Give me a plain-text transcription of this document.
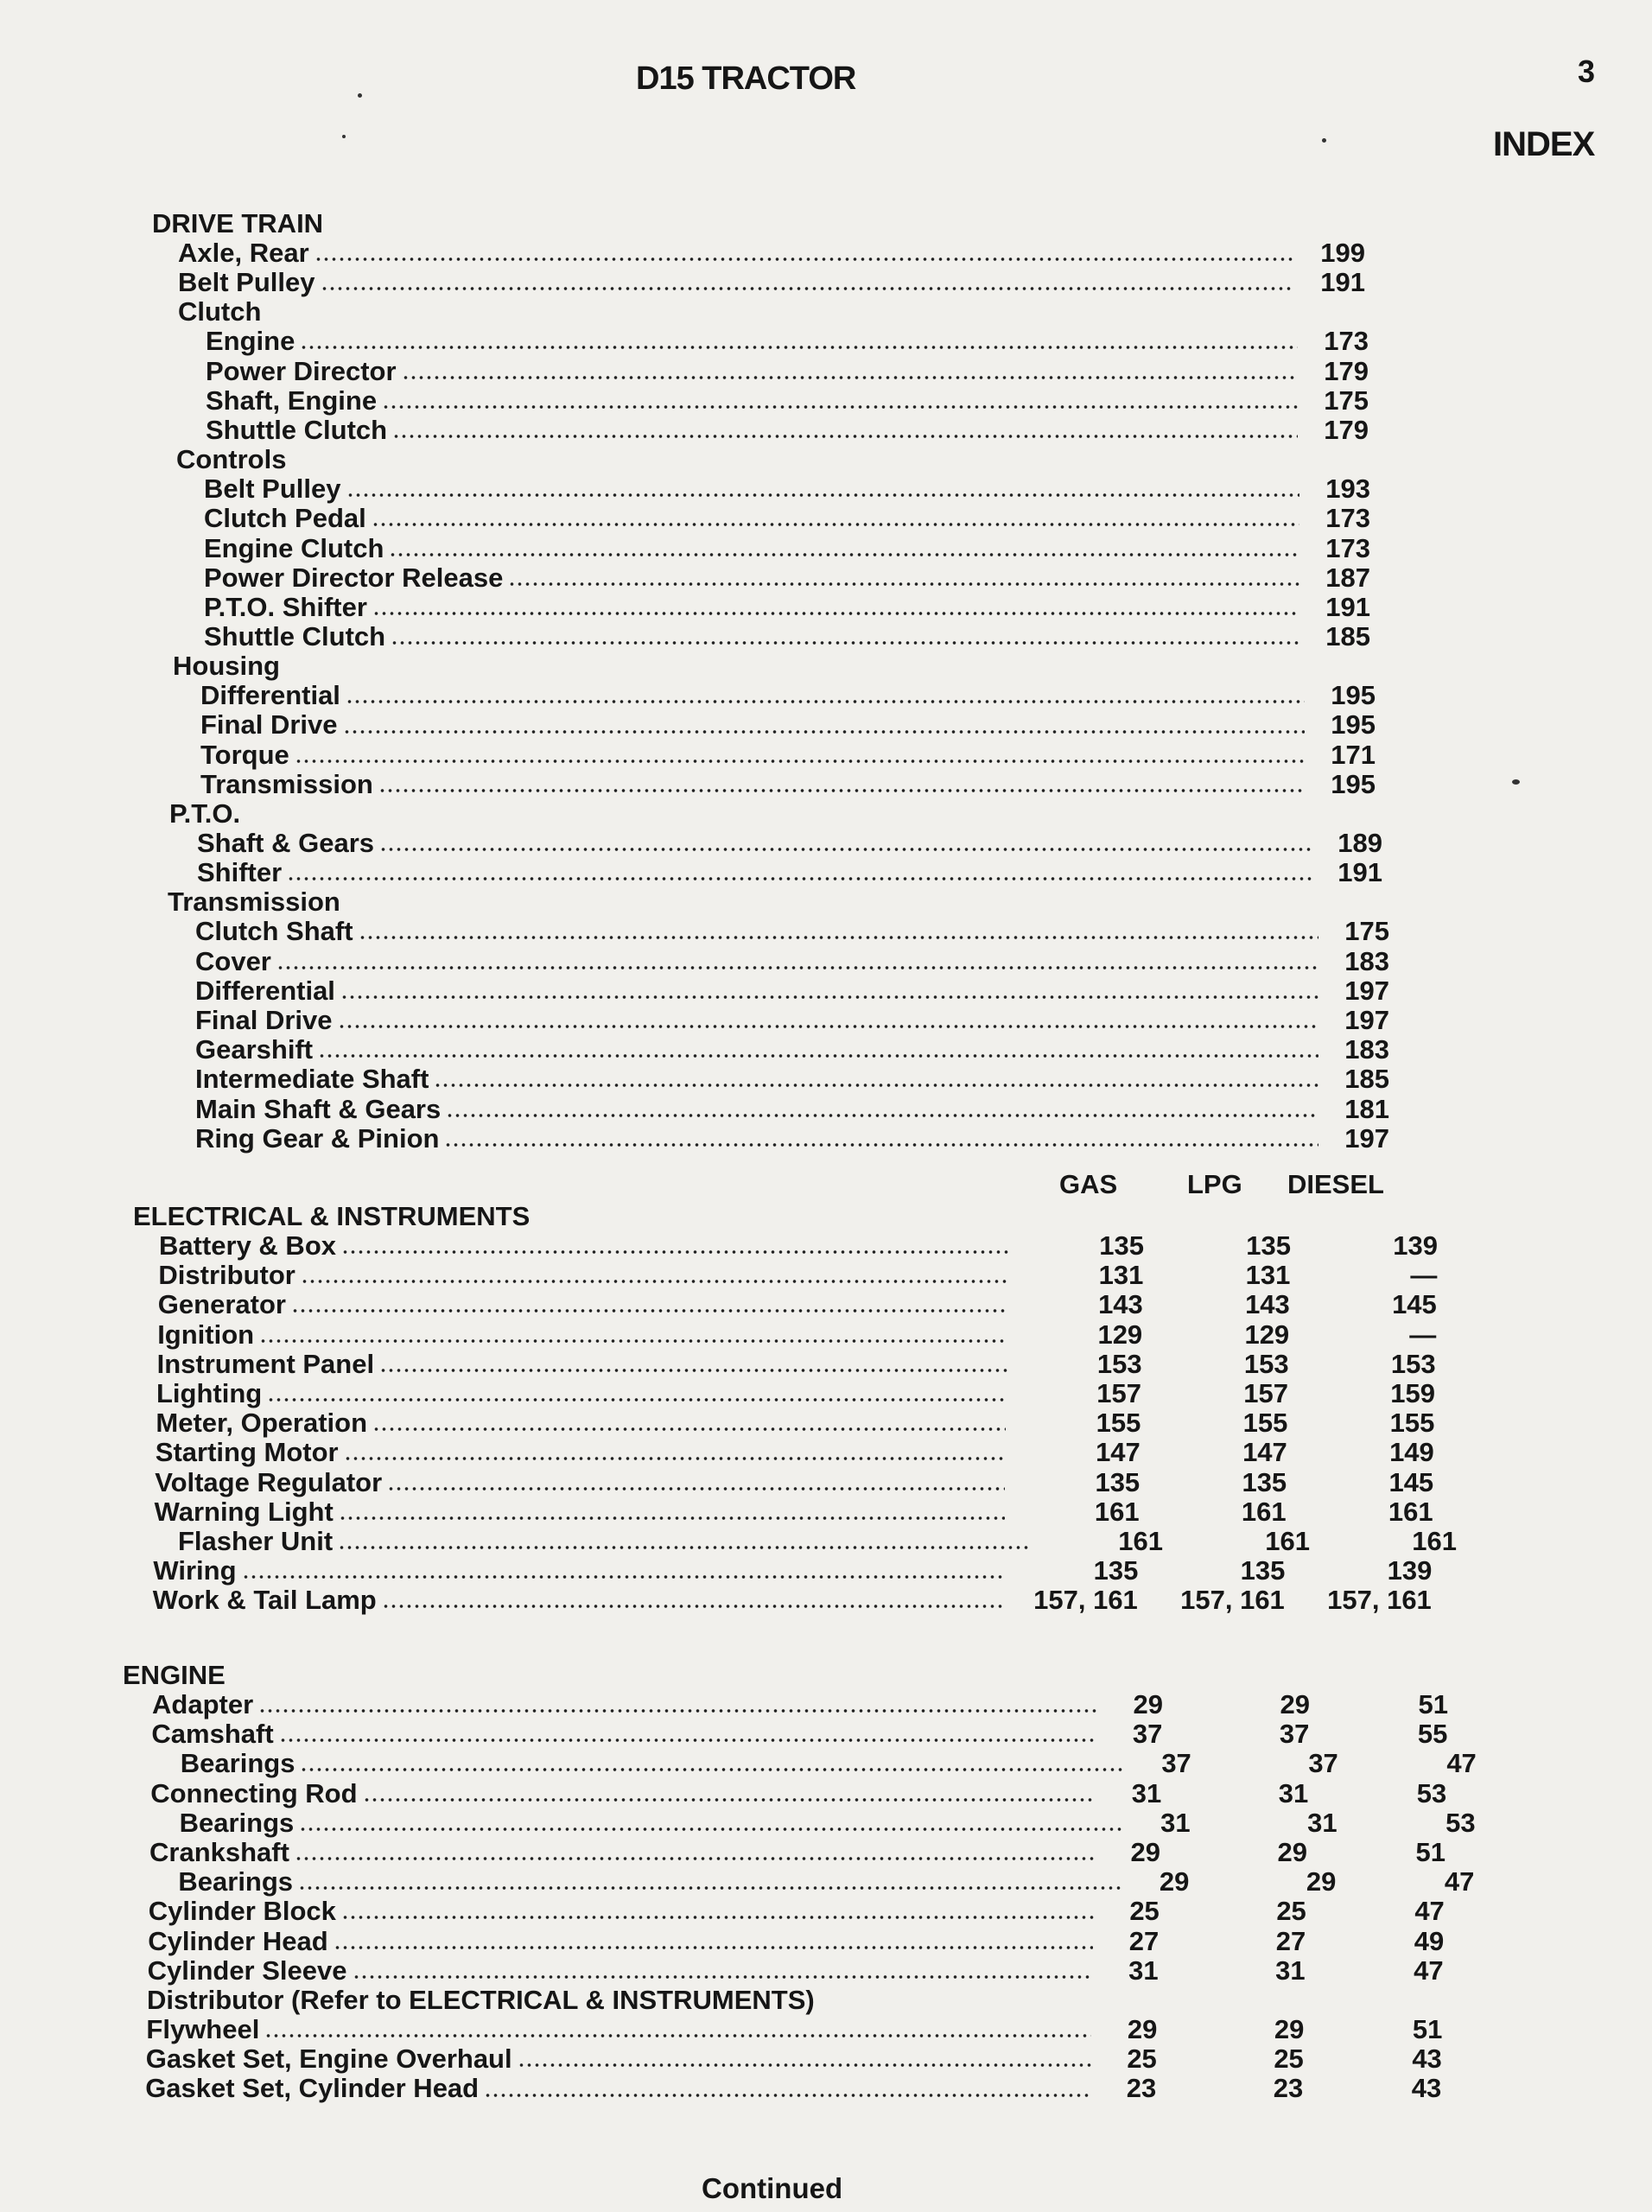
D15 TRACTOR	3
INDEX
DRIVE TRAIN
Axle, Rear	199
Belt Pulley	191
Clutch
Engine	173
Power Director	179
Shaft, Engine	175
Shuttle Clutch	179
Controls
Belt Pulley	193
Clutch Pedal	173
Engine Clutch	173
Power Director Release	187
P.T.O. Shifter	191
Shuttle Clutch	185
Housing
Differential	195
Final Drive	195
Torque	171
Transmission	195
P.T.O.
Shaft & Gears	189
Shifter	191
Transmission
Clutch Shaft	175
Cover	183
Differential	197
Final Drive	197
Gearshift	183
Intermediate Shaft	185
Main Shaft & Gears	181
Ring Gear & Pinion	197
GAS	LPG DIESEL
ELECTRICAL & INSTRUMENTS
Battery & Box	135	135	139
Distributor	131	131	—
Generator	143	143	145
Ignition	129	129	—
Instrument Panel	153	153	153
Lighting	157	157	159
Meter, Operation	155	155	155
Starting Motor	147	147	149
Voltage Regulator	135	135	145
Warning Light	161	161	161
Flasher Unit	161	161	161
Wiring	135	135	139
Work & Tail Lamp	157, 161	157, 161	157, 161
ENGINE
Adapter	29	29	51
Camshaft	37	37	55
Bearings	37	37	47
Connecting Rod	31	31	53
Bearings	31	31	53
Crankshaft	29	29	51
Bearings	29	29	47
Cylinder Block	25	25	47
Cylinder Head	27	27	49
Cylinder Sleeve	31	31	47
Distributor (Refer to ELECTRICAL & INSTRUMENTS)
Flywheel	29	29	51
Gasket Set, Engine Overhaul	25	25	43
Gasket Set, Cylinder Head	23	23	43
Continued
